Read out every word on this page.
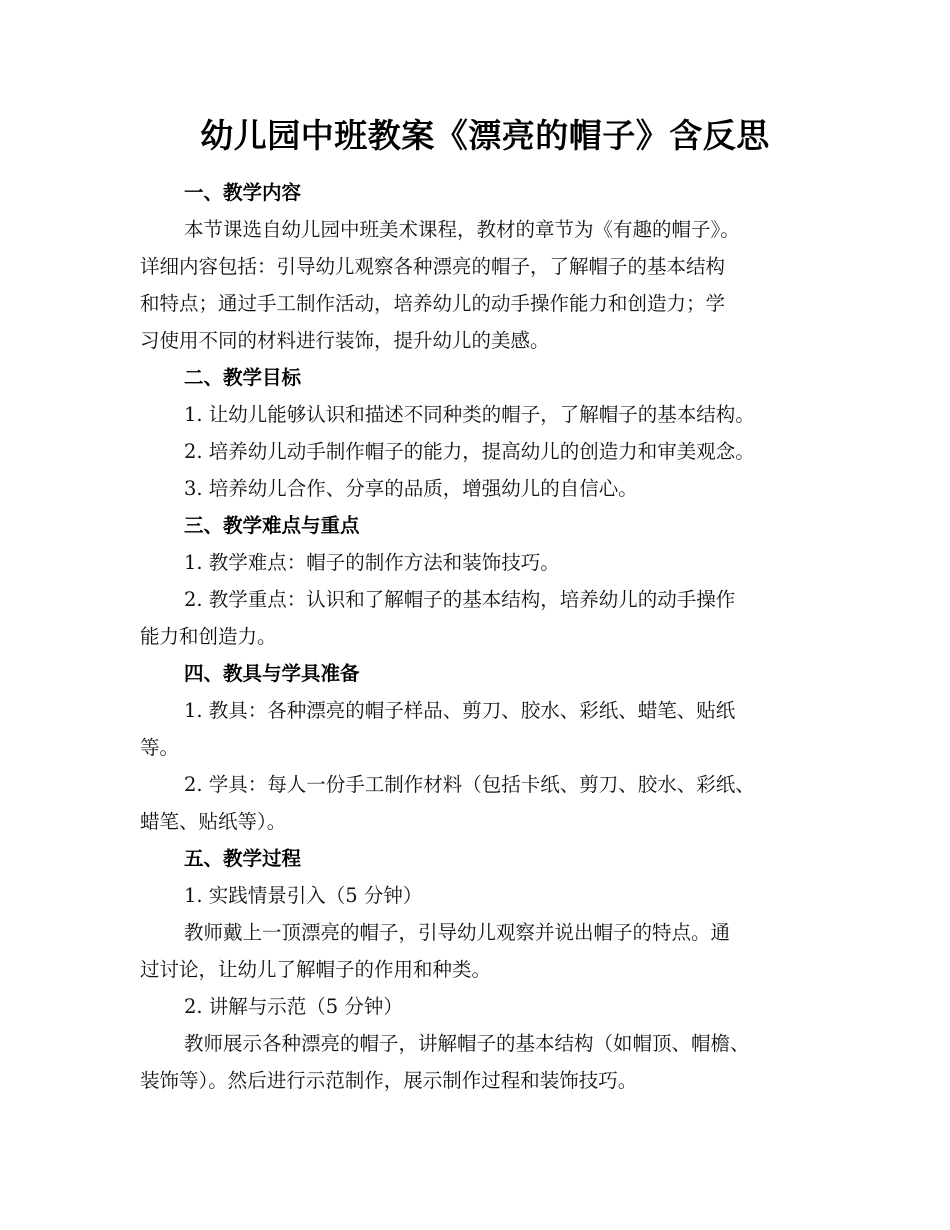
幼儿园中班教案《漂亮的帽子》含反思

一、教学内容

本节课选自幼儿园中班美术课程，教材的章节为《有趣的帽子》。

详细内容包括：引导幼儿观察各种漂亮的帽子，了解帽子的基本结构

和特点；通过手工制作活动，培养幼儿的动手操作能力和创造力；学

习使用不同的材料进行装饰，提升幼儿的美感。

二、教学目标

1. 让幼儿能够认识和描述不同种类的帽子，了解帽子的基本结构。

2. 培养幼儿动手制作帽子的能力，提高幼儿的创造力和审美观念。

3. 培养幼儿合作、分享的品质，增强幼儿的自信心。

三、教学难点与重点

1. 教学难点：帽子的制作方法和装饰技巧。

2. 教学重点：认识和了解帽子的基本结构，培养幼儿的动手操作

能力和创造力。

四、教具与学具准备

1. 教具：各种漂亮的帽子样品、剪刀、胶水、彩纸、蜡笔、贴纸

等。

2. 学具：每人一份手工制作材料（包括卡纸、剪刀、胶水、彩纸、

蜡笔、贴纸等）。

五、教学过程

1. 实践情景引入（5 分钟）

教师戴上一顶漂亮的帽子，引导幼儿观察并说出帽子的特点。通

过讨论，让幼儿了解帽子的作用和种类。

2. 讲解与示范（5 分钟）

教师展示各种漂亮的帽子，讲解帽子的基本结构（如帽顶、帽檐、

装饰等）。然后进行示范制作，展示制作过程和装饰技巧。
